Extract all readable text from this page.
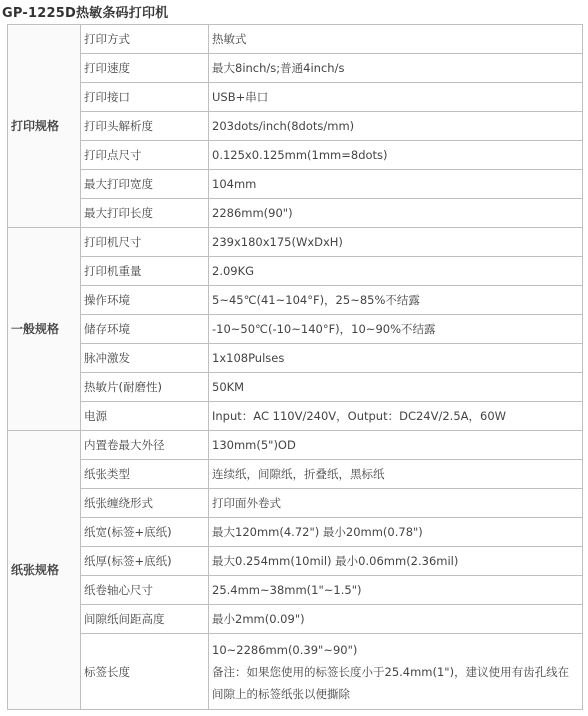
GP-1225D热敏条码打印机
打印规格	打印方式	热敏式
	打印速度	最大8inch/s;普通4inch/s
	打印接口	USB+串口
	打印头解析度	203dots/inch(8dots/mm)
	打印点尺寸	0.125x0.125mm(1mm=8dots)
	最大打印宽度	104mm
	最大打印长度	2286mm(90")
一般规格	打印机尺寸	239x180x175(WxDxH)
	打印机重量	2.09KG
	操作环境	5~45℃(41~104°F)，25~85%不结露
	储存环境	-10~50℃(-10~140°F)，10~90%不结露
	脉冲激发	1x108Pulses
	热敏片(耐磨性)	50KM
	电源	Input：AC 110V/240V，Output：DC24V/2.5A，60W
纸张规格	内置卷最大外径	130mm(5")OD
	纸张类型	连续纸，间隙纸，折叠纸，黑标纸
	纸张缠绕形式	打印面外卷式
	纸宽(标签+底纸)	最大120mm(4.72") 最小20mm(0.78")
	纸厚(标签+底纸)	最大0.254mm(10mil) 最小0.06mm(2.36mil)
	纸卷轴心尺寸	25.4mm~38mm(1"~1.5")
	间隙纸间距高度	最小2mm(0.09")
	标签长度	10~2286mm(0.39"~90")
备注：如果您使用的标签长度小于25.4mm(1")，建议使用有齿孔线在
间隙上的标签纸张以便撕除
